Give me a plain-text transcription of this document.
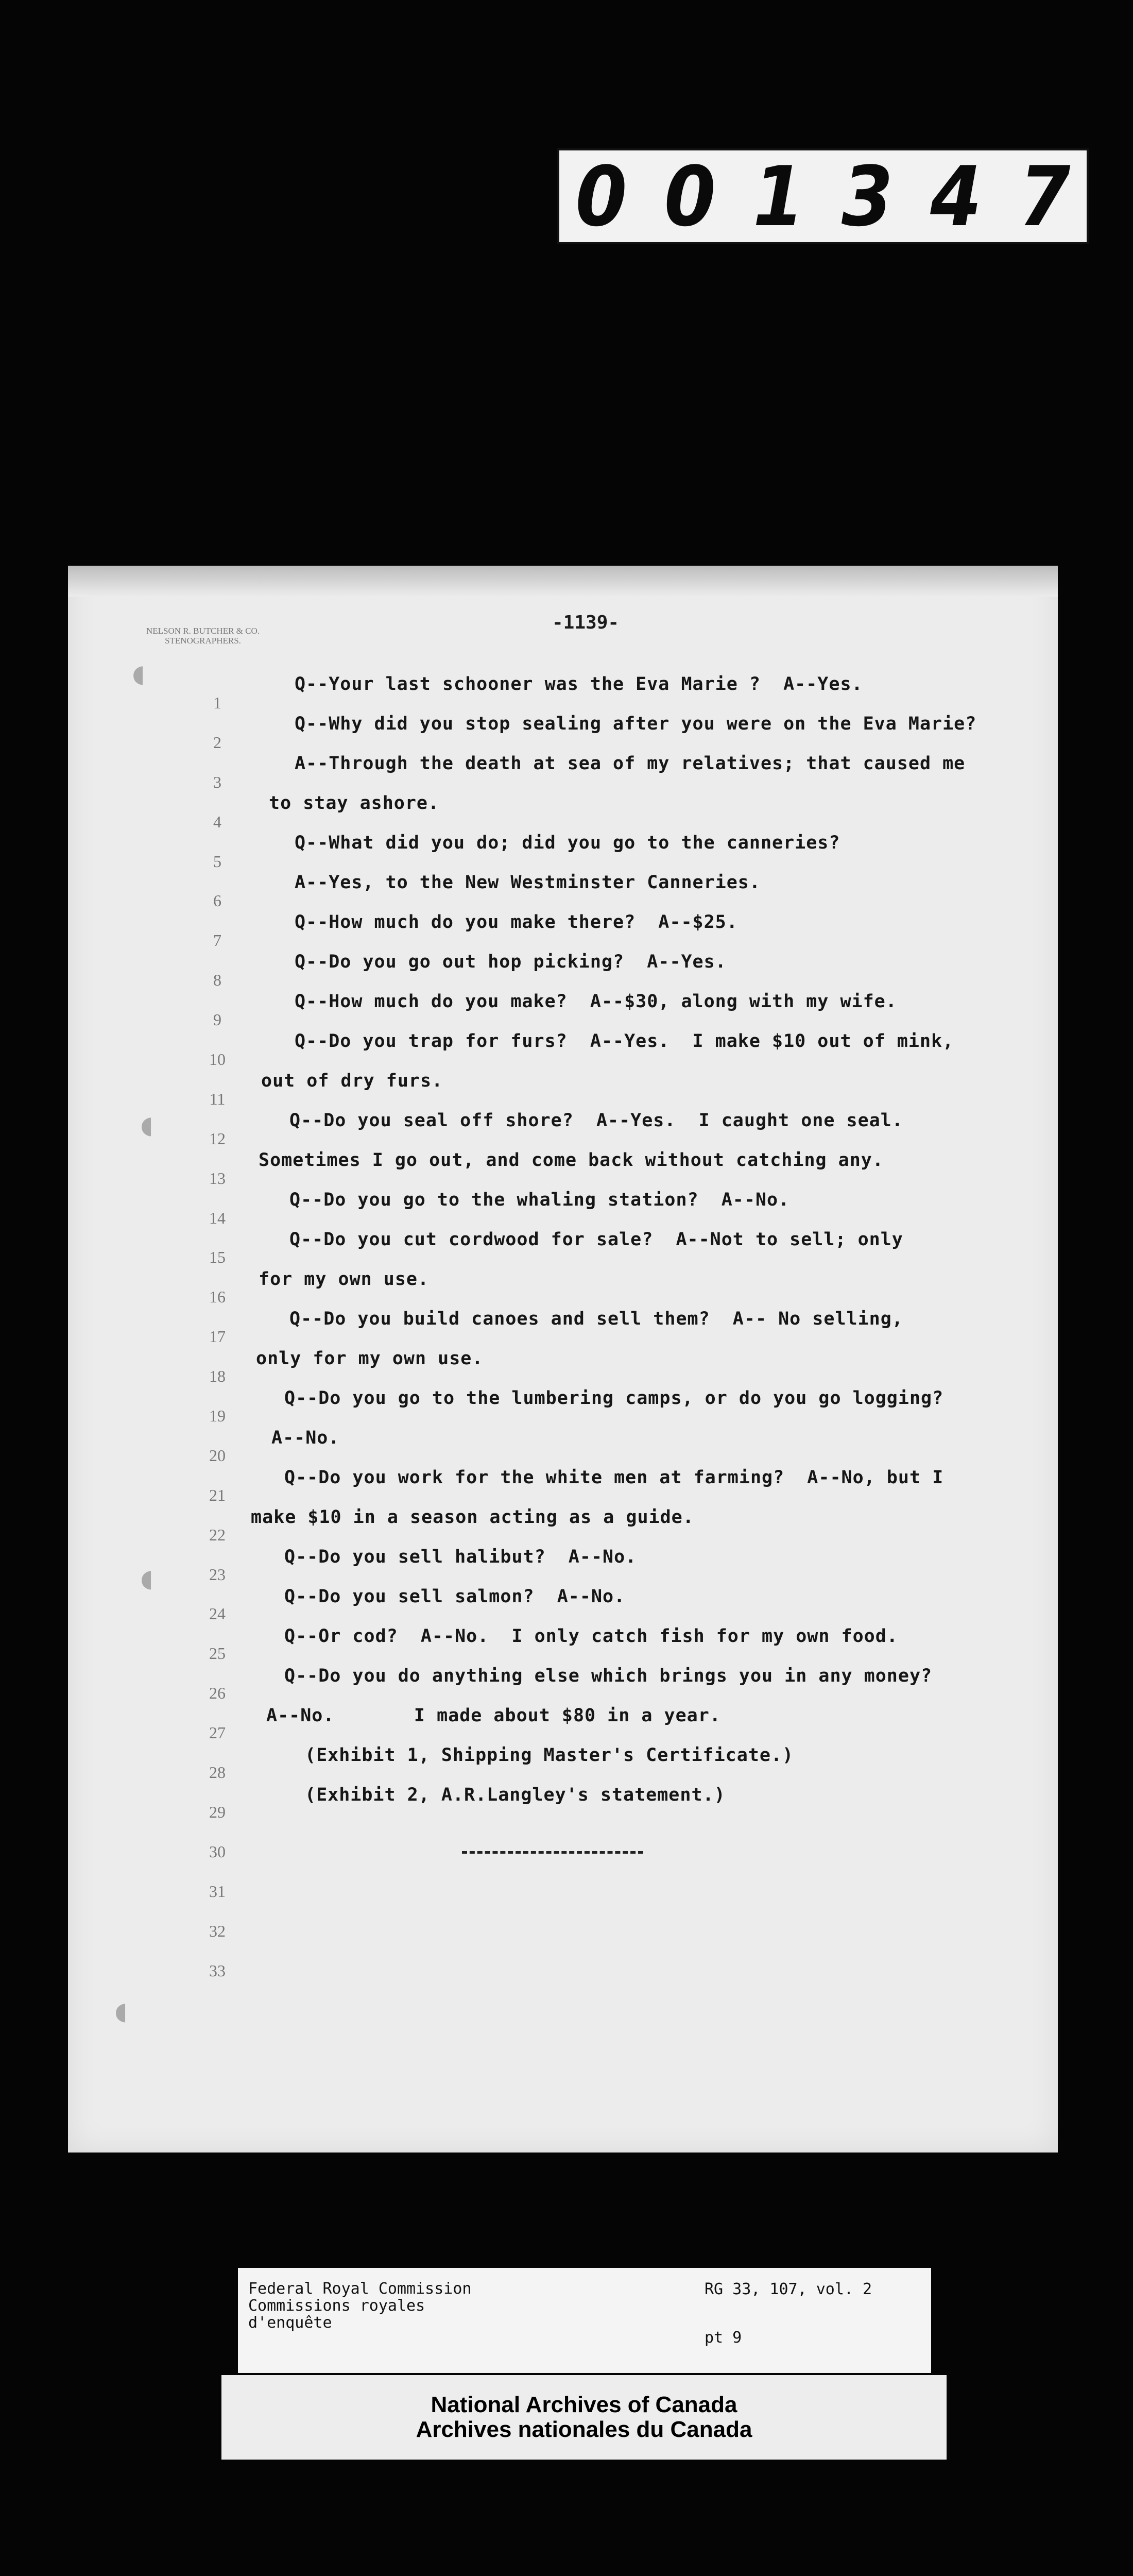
001347
NELSON R. BUTCHER & CO. STENOGRAPHERS.
-1139-
◖
◖
◖
◖
1
2
3
4
5
6
7
8
9
10
11
12
13
14
15
16
17
18
19
20
21
22
23
24
25
26
27
28
29
30
31
32
33
Q--Your last schooner was the Eva Marie ?  A--Yes.
Q--Why did you stop sealing after you were on the Eva Marie?
A--Through the death at sea of my relatives; that caused me
to stay ashore.
Q--What did you do; did you go to the canneries?
A--Yes, to the New Westminster Canneries.
Q--How much do you make there?  A--$25.
Q--Do you go out hop picking?  A--Yes.
Q--How much do you make?  A--$30, along with my wife.
Q--Do you trap for furs?  A--Yes.  I make $10 out of mink,
out of dry furs.
Q--Do you seal off shore?  A--Yes.  I caught one seal.
Sometimes I go out, and come back without catching any.
Q--Do you go to the whaling station?  A--No.
Q--Do you cut cordwood for sale?  A--Not to sell; only
for my own use.
Q--Do you build canoes and sell them?  A-- No selling,
only for my own use.
Q--Do you go to the lumbering camps, or do you go logging?
A--No.
Q--Do you work for the white men at farming?  A--No, but I
make $10 in a season acting as a guide.
Q--Do you sell halibut?  A--No.
Q--Do you sell salmon?  A--No.
Q--Or cod?  A--No.  I only catch fish for my own food.
Q--Do you do anything else which brings you in any money?
A--No.       I made about $80 in a year.
(Exhibit 1, Shipping Master's Certificate.)
(Exhibit 2, A.R.Langley's statement.)
Federal Royal Commission
Commissions royales
d'enquête
RG 33, 107, vol. 2
pt 9
National Archives of Canada
Archives nationales du Canada
